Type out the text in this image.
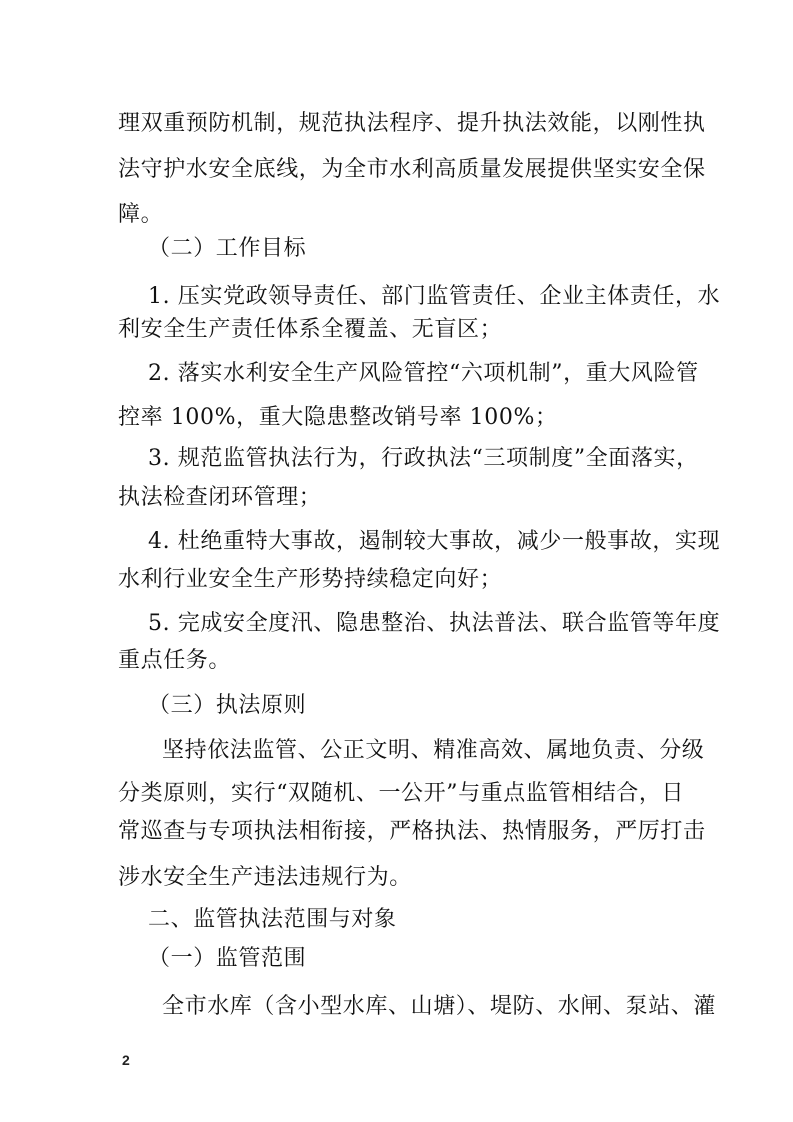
理双重预防机制，规范执法程序、提升执法效能，以刚性执
法守护水安全底线，为全市水利高质量发展提供坚实安全保
障。
（二）工作目标
1. 压实党政领导责任、部门监管责任、企业主体责任，水
利安全生产责任体系全覆盖、无盲区；
2. 落实水利安全生产风险管控“六项机制”，重大风险管
控率 100%，重大隐患整改销号率 100%；
3. 规范监管执法行为，行政执法“三项制度”全面落实，
执法检查闭环管理；
4. 杜绝重特大事故，遏制较大事故，减少一般事故，实现
水利行业安全生产形势持续稳定向好；
5. 完成安全度汛、隐患整治、执法普法、联合监管等年度
重点任务。
（三）执法原则
坚持依法监管、公正文明、精准高效、属地负责、分级
分类原则，实行“双随机、一公开”与重点监管相结合，日
常巡查与专项执法相衔接，严格执法、热情服务，严厉打击
涉水安全生产违法违规行为。
二、监管执法范围与对象
（一）监管范围
全市水库（含小型水库、山塘）、堤防、水闸、泵站、灌
2
